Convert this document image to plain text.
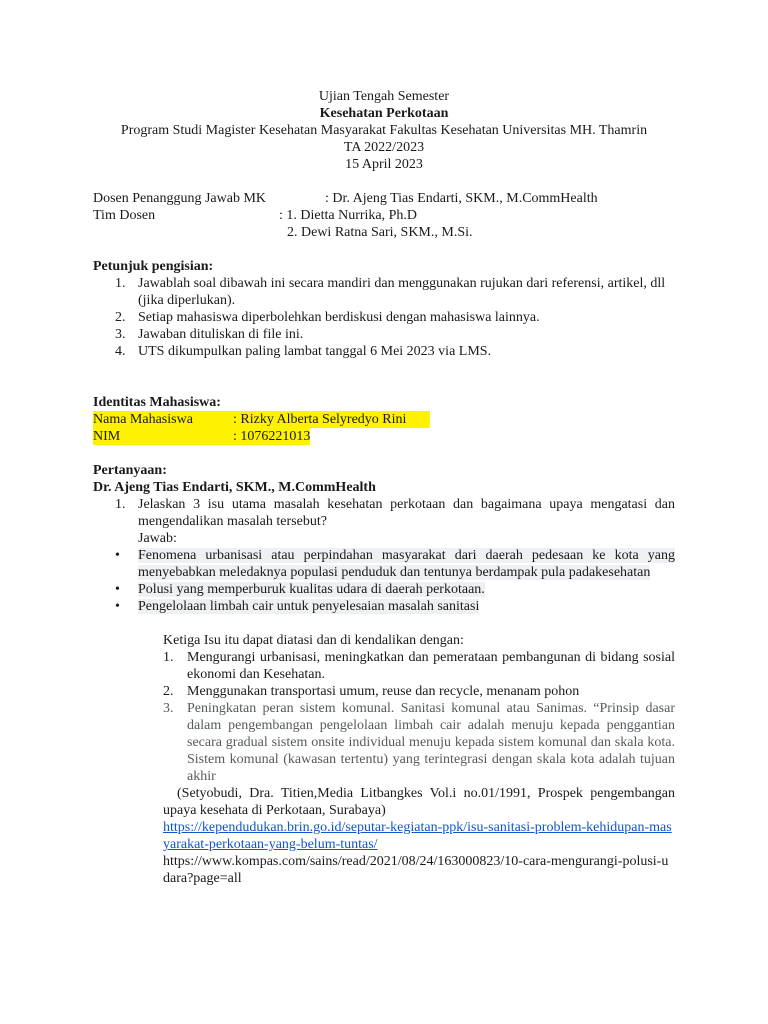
Ujian Tengah Semester
Kesehatan Perkotaan
Program Studi Magister Kesehatan Masyarakat Fakultas Kesehatan Universitas MH. Thamrin
TA 2022/2023
15 April 2023
Dosen Penanggung Jawab MK	: Dr. Ajeng Tias Endarti, SKM., M.CommHealth
Tim Dosen	: 1. Dietta Nurrika, Ph.D
2. Dewi Ratna Sari, SKM., M.Si.
Petunjuk pengisian:
1. Jawablah soal dibawah ini secara mandiri dan menggunakan rujukan dari referensi, artikel, dll (jika diperlukan).
2. Setiap mahasiswa diperbolehkan berdiskusi dengan mahasiswa lainnya.
3. Jawaban dituliskan di file ini.
4. UTS dikumpulkan paling lambat tanggal 6 Mei 2023 via LMS.
Identitas Mahasiswa:
Nama Mahasiswa	: Rizky Alberta Selyredyo Rini
NIM	: 1076221013
Pertanyaan:
Dr. Ajeng Tias Endarti, SKM., M.CommHealth
1. Jelaskan 3 isu utama masalah kesehatan perkotaan dan bagaimana upaya mengatasi dan mengendalikan masalah tersebut?
Jawab:
• Fenomena urbanisasi atau perpindahan masyarakat dari daerah pedesaan ke kota yang menyebabkan meledaknya populasi penduduk dan tentunya berdampak pula padakesehatan
• Polusi yang memperburuk kualitas udara di daerah perkotaan.
• Pengelolaan limbah cair untuk penyelesaian masalah sanitasi
Ketiga Isu itu dapat diatasi dan di kendalikan dengan:
1. Mengurangi urbanisasi, meningkatkan dan pemerataan pembangunan di bidang sosial ekonomi dan Kesehatan.
2. Menggunakan transportasi umum, reuse dan recycle, menanam pohon
3. Peningkatan peran sistem komunal. Sanitasi komunal atau Sanimas. “Prinsip dasar dalam pengembangan pengelolaan limbah cair adalah menuju kepada penggantian secara gradual sistem onsite individual menuju kepada sistem komunal dan skala kota. Sistem komunal (kawasan tertentu) yang terintegrasi dengan skala kota adalah tujuan akhir
(Setyobudi, Dra. Titien,Media Litbangkes Vol.i no.01/1991, Prospek pengembangan upaya kesehata di Perkotaan, Surabaya)
https://kependudukan.brin.go.id/seputar-kegiatan-ppk/isu-sanitasi-problem-kehidupan-masyarakat-perkotaan-yang-belum-tuntas/
https://www.kompas.com/sains/read/2021/08/24/163000823/10-cara-mengurangi-polusi-udara?page=all
